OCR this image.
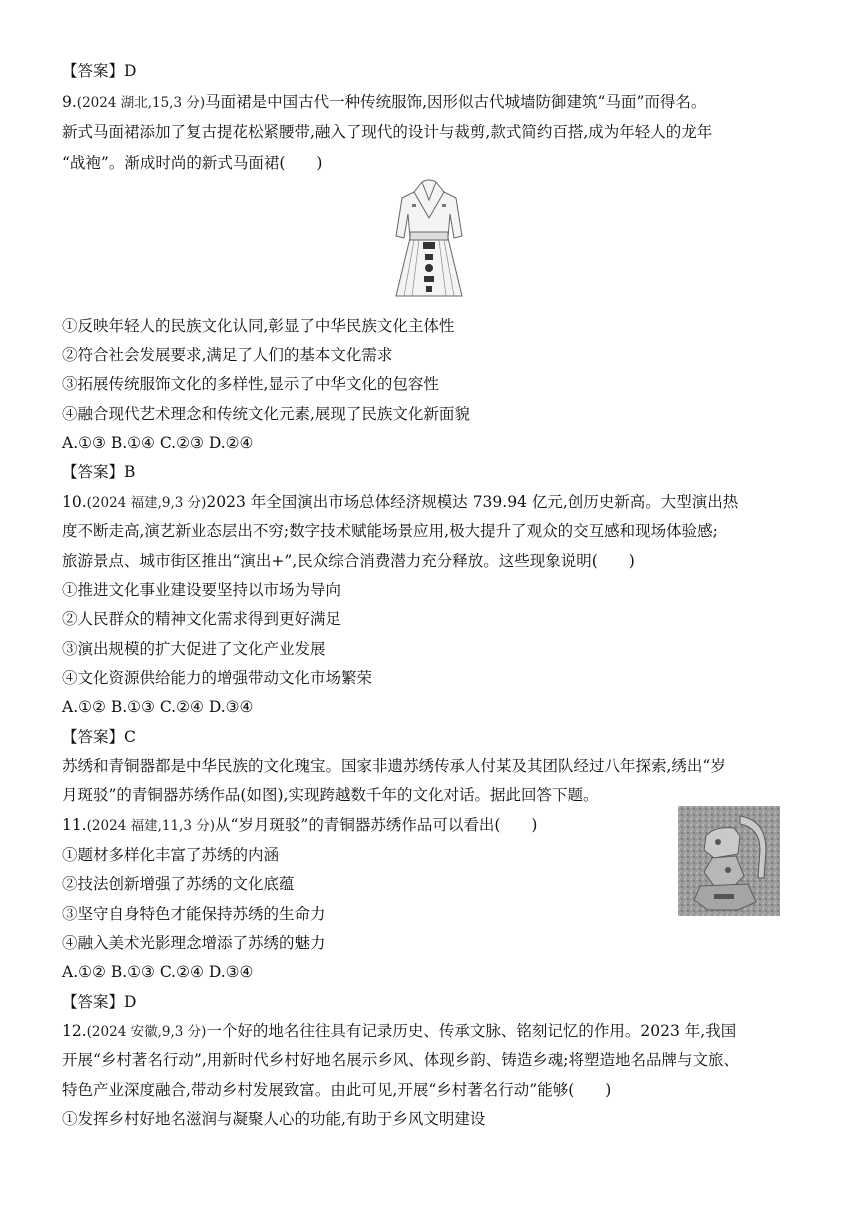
【答案】D
9.(2024 湖北,15,3 分)马面裙是中国古代一种传统服饰,因形似古代城墙防御建筑“马面”而得名。
新式马面裙添加了复古提花松紧腰带,融入了现代的设计与裁剪,款式简约百搭,成为年轻人的龙年
“战袍”。渐成时尚的新式马面裙(　　)
①反映年轻人的民族文化认同,彰显了中华民族文化主体性
②符合社会发展要求,满足了人们的基本文化需求
③拓展传统服饰文化的多样性,显示了中华文化的包容性
④融合现代艺术理念和传统文化元素,展现了民族文化新面貌
A.①③ B.①④ C.②③ D.②④
【答案】B
10.(2024 福建,9,3 分)2023 年全国演出市场总体经济规模达 739.94 亿元,创历史新高。大型演出热
度不断走高,演艺新业态层出不穷;数字技术赋能场景应用,极大提升了观众的交互感和现场体验感;
旅游景点、城市街区推出“演出+”,民众综合消费潜力充分释放。这些现象说明(　　)
①推进文化事业建设要坚持以市场为导向
②人民群众的精神文化需求得到更好满足
③演出规模的扩大促进了文化产业发展
④文化资源供给能力的增强带动文化市场繁荣
A.①② B.①③ C.②④ D.③④
【答案】C
苏绣和青铜器都是中华民族的文化瑰宝。国家非遗苏绣传承人付某及其团队经过八年探索,绣出“岁
月斑驳”的青铜器苏绣作品(如图),实现跨越数千年的文化对话。据此回答下题。
11.(2024 福建,11,3 分)从“岁月斑驳”的青铜器苏绣作品可以看出(　　)
①题材多样化丰富了苏绣的内涵
②技法创新增强了苏绣的文化底蕴
③坚守自身特色才能保持苏绣的生命力
④融入美术光影理念增添了苏绣的魅力
A.①② B.①③ C.②④ D.③④
【答案】D
12.(2024 安徽,9,3 分)一个好的地名往往具有记录历史、传承文脉、铭刻记忆的作用。2023 年,我国
开展“乡村著名行动”,用新时代乡村好地名展示乡风、体现乡韵、铸造乡魂;将塑造地名品牌与文旅、
特色产业深度融合,带动乡村发展致富。由此可见,开展“乡村著名行动”能够(　　)
①发挥乡村好地名滋润与凝聚人心的功能,有助于乡风文明建设
